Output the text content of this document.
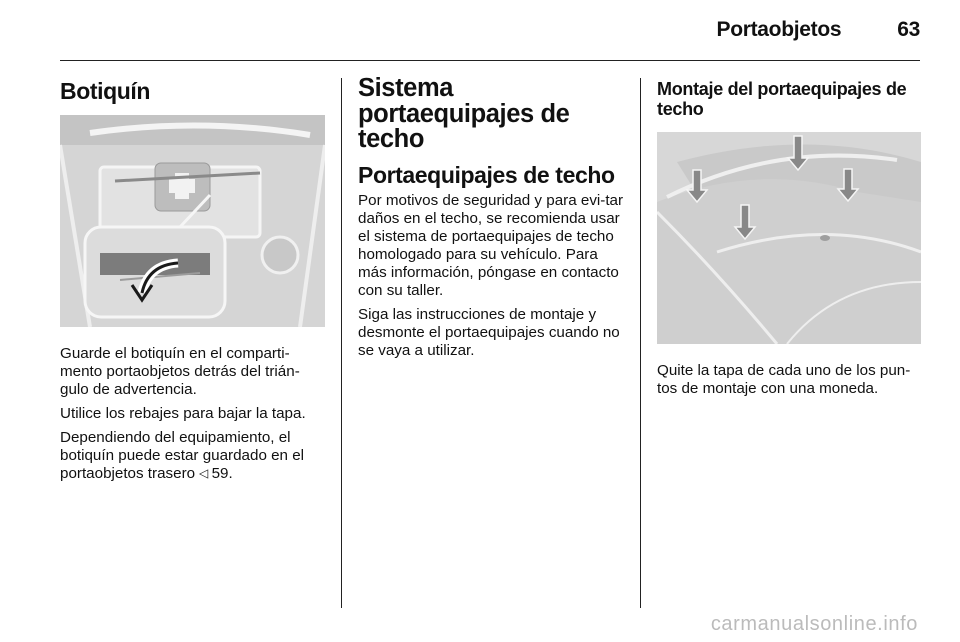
Portaobjetos	63
Botiquín

Guarde el botiquín en el comparti-mento portaobjetos detrás del trián-gulo de advertencia.

Utilice los rebajes para bajar la tapa.

Dependiendo del equipamiento, el botiquín puede estar guardado en el portaobjetos trasero ▽59.

Sistema portaequipajes de techo
Portaequipajes de techo

Por motivos de seguridad y para evi-tar daños en el techo, se recomienda usar el sistema de portaequipajes de techo homologado para su vehículo. Para más información, póngase en contacto con su taller.

Siga las instrucciones de montaje y desmonte el portaequipajes cuando no se vaya a utilizar.

Montaje del portaequipajes de techo

Quite la tapa de cada uno de los pun-tos de montaje con una moneda.

carmanualsonline.info
